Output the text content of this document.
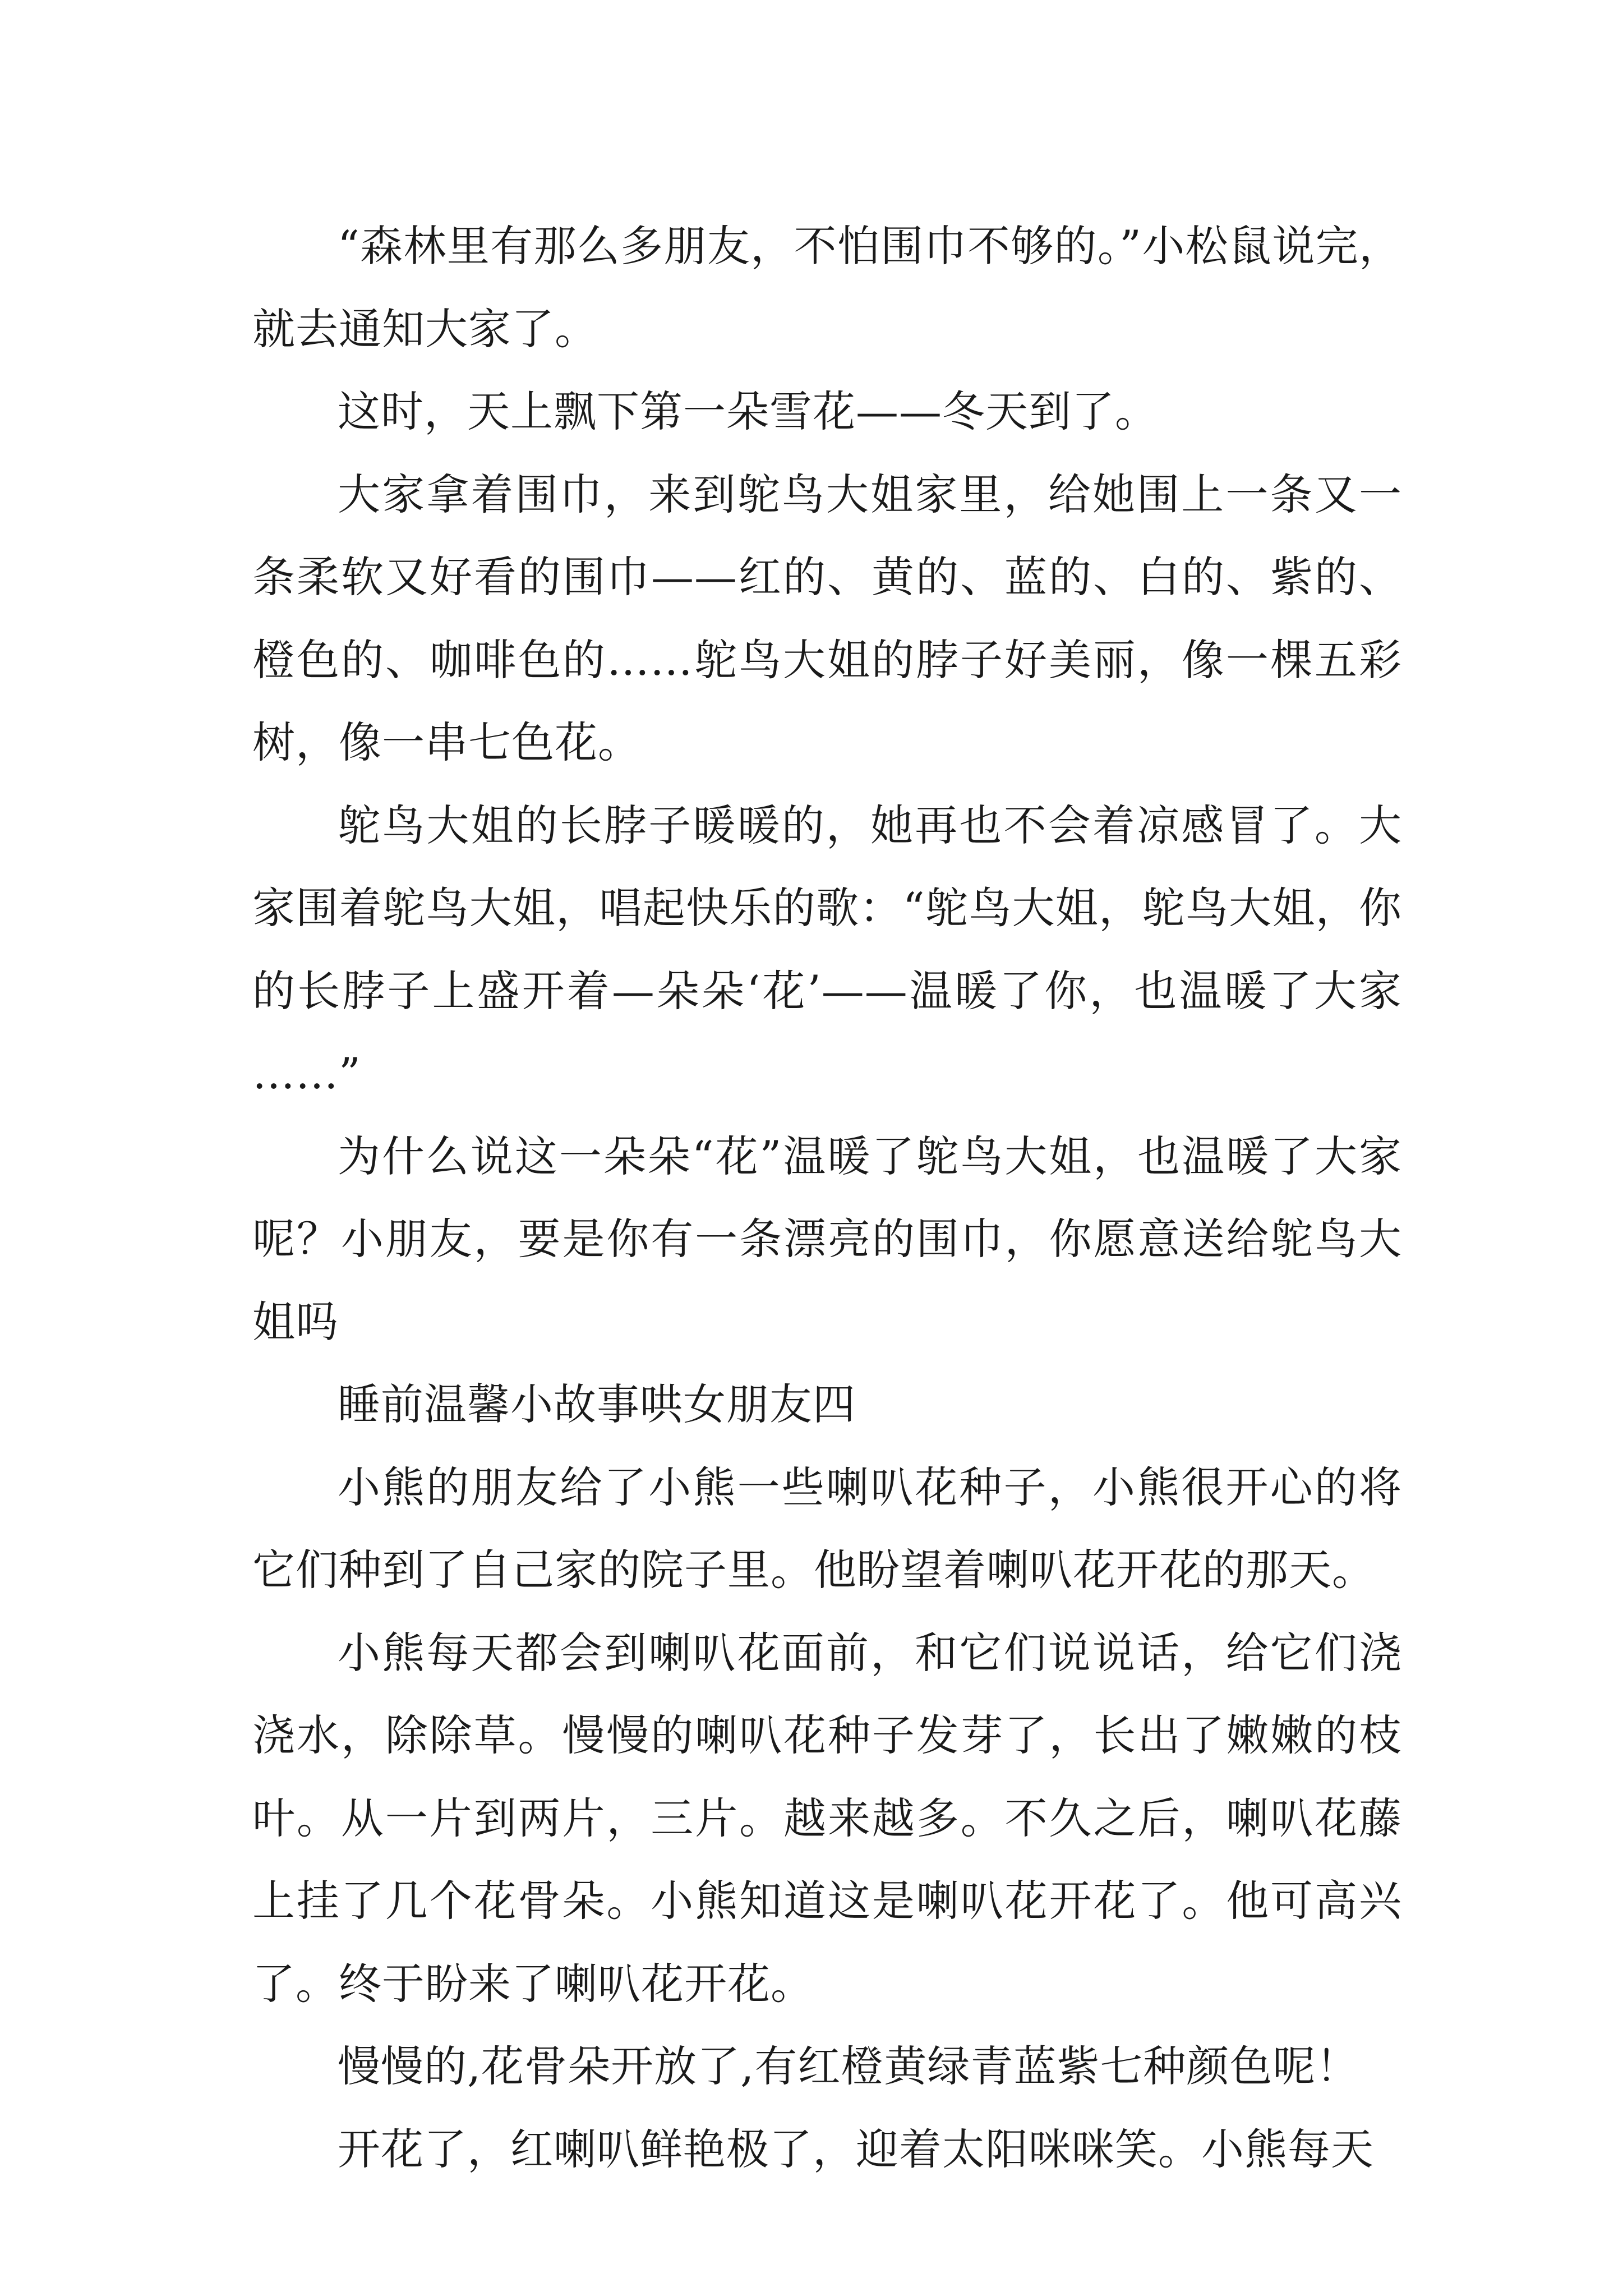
“森林里有那么多朋友，不怕围巾不够的。”小松鼠说完，就去通知大家了。

这时，天上飘下第一朵雪花——冬天到了。

大家拿着围巾，来到鸵鸟大姐家里，给她围上一条又一条柔软又好看的围巾——红的、黄的、蓝的、白的、紫的、橙色的、咖啡色的……鸵鸟大姐的脖子好美丽，像一棵五彩树，像一串七色花。

鸵鸟大姐的长脖子暖暖的，她再也不会着凉感冒了。大家围着鸵鸟大姐，唱起快乐的歌：“鸵鸟大姐，鸵鸟大姐，你的长脖子上盛开着—朵朵‘花’——温暖了你，也温暖了大家……”

为什么说这一朵朵“花”温暖了鸵鸟大姐，也温暖了大家呢？小朋友，要是你有一条漂亮的围巾，你愿意送给鸵鸟大姐吗

睡前温馨小故事哄女朋友四

小熊的朋友给了小熊一些喇叭花种子，小熊很开心的将它们种到了自己家的院子里。他盼望着喇叭花开花的那天。

小熊每天都会到喇叭花面前，和它们说说话，给它们浇浇水，除除草。慢慢的喇叭花种子发芽了，长出了嫩嫩的枝叶。从一片到两片，三片。越来越多。不久之后，喇叭花藤上挂了几个花骨朵。小熊知道这是喇叭花开花了。他可高兴了。终于盼来了喇叭花开花。

慢慢的,花骨朵开放了,有红橙黄绿青蓝紫七种颜色呢！

开花了，红喇叭鲜艳极了，迎着太阳咪咪笑。小熊每天
